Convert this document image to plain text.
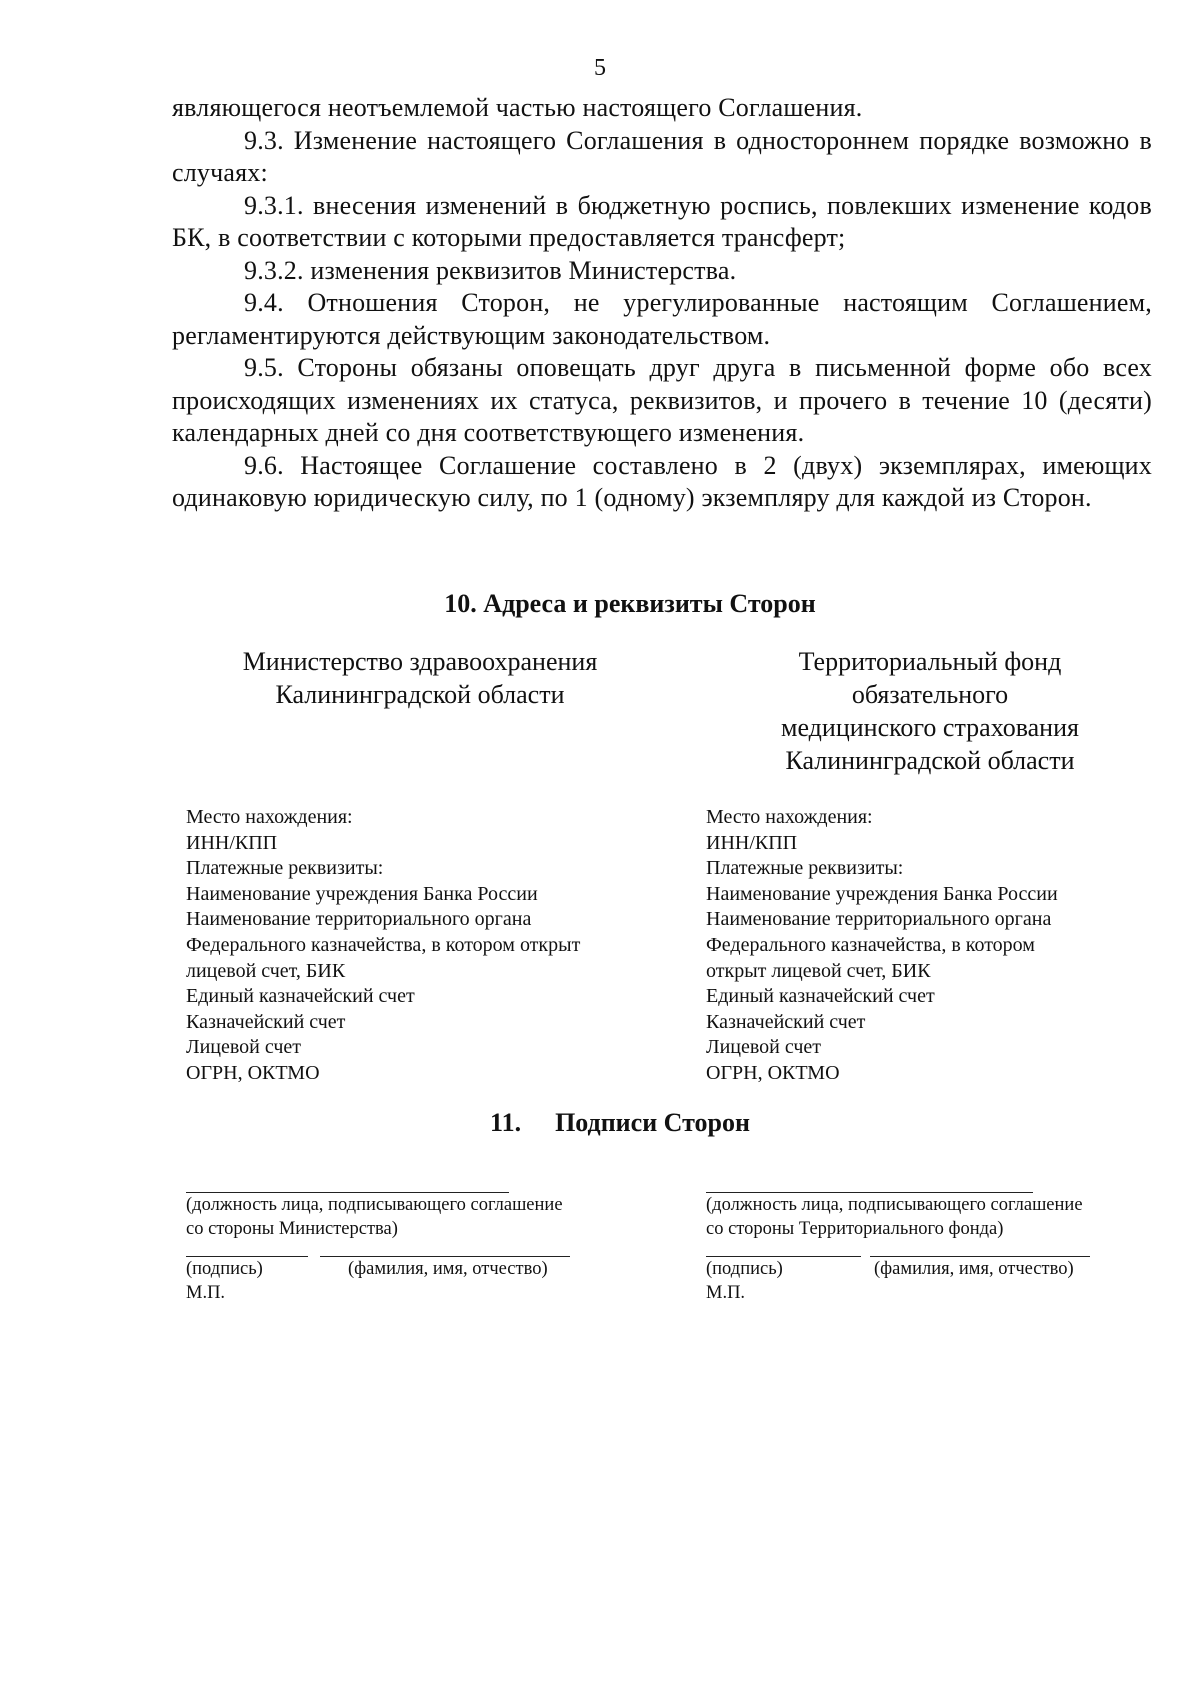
5

являющегося неотъемлемой частью настоящего Соглашения.

9.3. Изменение настоящего Соглашения в одностороннем порядке возможно в случаях:

9.3.1. внесения изменений в бюджетную роспись, повлекших изменение кодов БК, в соответствии с которыми предоставляется трансферт;

9.3.2. изменения реквизитов Министерства.

9.4. Отношения Сторон, не урегулированные настоящим Соглашением, регламентируются действующим законодательством.

9.5. Стороны обязаны оповещать друг друга в письменной форме обо всех происходящих изменениях их статуса, реквизитов, и прочего в течение 10 (десяти) календарных дней со дня соответствующего изменения.

9.6. Настоящее Соглашение составлено в 2 (двух) экземплярах, имеющих одинаковую юридическую силу, по 1 (одному) экземпляру для каждой из Сторон.

10. Адреса и реквизиты Сторон
Министерство здравоохранения
Калининградской области
Территориальный фонд
обязательного
медицинского страхования
Калининградской области
Место нахождения:
ИНН/КПП
Платежные реквизиты:
Наименование учреждения Банка России
Наименование территориального органа
Федерального казначейства, в котором открыт
лицевой счет, БИК
Единый казначейский счет
Казначейский счет
Лицевой счет
ОГРН, ОКТМО
Место нахождения:
ИНН/КПП
Платежные реквизиты:
Наименование учреждения Банка России
Наименование территориального органа
Федерального казначейства, в котором
открыт лицевой счет, БИК
Единый казначейский счет
Казначейский счет
Лицевой счет
ОГРН, ОКТМО
11. Подписи Сторон
(должность лица, подписывающего соглашение
со стороны Министерства)
(подпись)	(фамилия, имя, отчество)
М.П.
(должность лица, подписывающего соглашение
со стороны Территориального фонда)
(подпись)	(фамилия, имя, отчество)
М.П.
